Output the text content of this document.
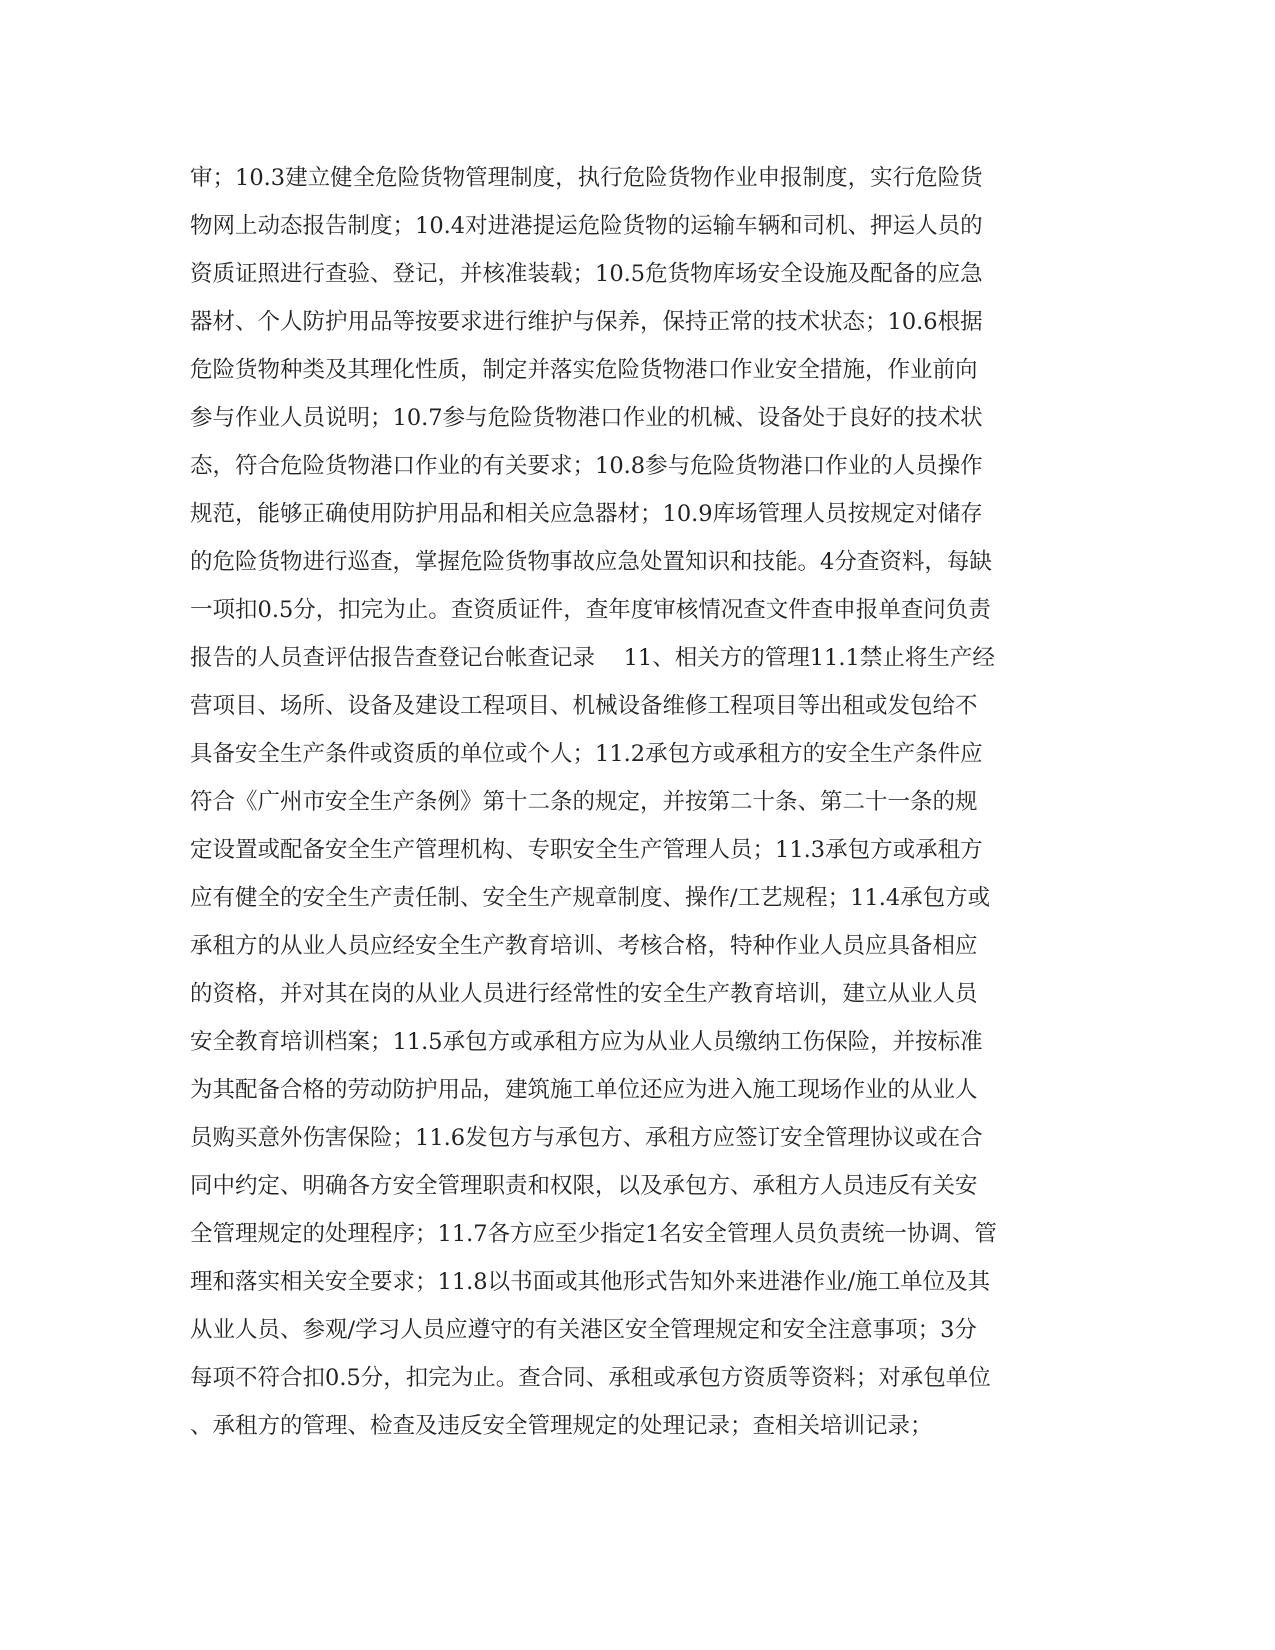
审；10.3建立健全危险货物管理制度，执行危险货物作业申报制度，实行危险货
物网上动态报告制度；10.4对进港提运危险货物的运输车辆和司机、押运人员的
资质证照进行查验、登记，并核准装载；10.5危货物库场安全设施及配备的应急
器材、个人防护用品等按要求进行维护与保养，保持正常的技术状态；10.6根据
危险货物种类及其理化性质，制定并落实危险货物港口作业安全措施，作业前向
参与作业人员说明；10.7参与危险货物港口作业的机械、设备处于良好的技术状
态，符合危险货物港口作业的有关要求；10.8参与危险货物港口作业的人员操作
规范，能够正确使用防护用品和相关应急器材；10.9库场管理人员按规定对储存
的危险货物进行巡查，掌握危险货物事故应急处置知识和技能。4分查资料，每缺
一项扣0.5分，扣完为止。查资质证件，查年度审核情况查文件查申报单查问负责
报告的人员查评估报告查登记台帐查记录    11、相关方的管理11.1禁止将生产经
营项目、场所、设备及建设工程项目、机械设备维修工程项目等出租或发包给不
具备安全生产条件或资质的单位或个人；11.2承包方或承租方的安全生产条件应
符合《广州市安全生产条例》第十二条的规定，并按第二十条、第二十一条的规
定设置或配备安全生产管理机构、专职安全生产管理人员；11.3承包方或承租方
应有健全的安全生产责任制、安全生产规章制度、操作/工艺规程；11.4承包方或
承租方的从业人员应经安全生产教育培训、考核合格，特种作业人员应具备相应
的资格，并对其在岗的从业人员进行经常性的安全生产教育培训，建立从业人员
安全教育培训档案；11.5承包方或承租方应为从业人员缴纳工伤保险，并按标准
为其配备合格的劳动防护用品，建筑施工单位还应为进入施工现场作业的从业人
员购买意外伤害保险；11.6发包方与承包方、承租方应签订安全管理协议或在合
同中约定、明确各方安全管理职责和权限，以及承包方、承租方人员违反有关安
全管理规定的处理程序；11.7各方应至少指定1名安全管理人员负责统一协调、管
理和落实相关安全要求；11.8以书面或其他形式告知外来进港作业/施工单位及其
从业人员、参观/学习人员应遵守的有关港区安全管理规定和安全注意事项；3分
每项不符合扣0.5分，扣完为止。查合同、承租或承包方资质等资料；对承包单位
、承租方的管理、检查及违反安全管理规定的处理记录；查相关培训记录；
